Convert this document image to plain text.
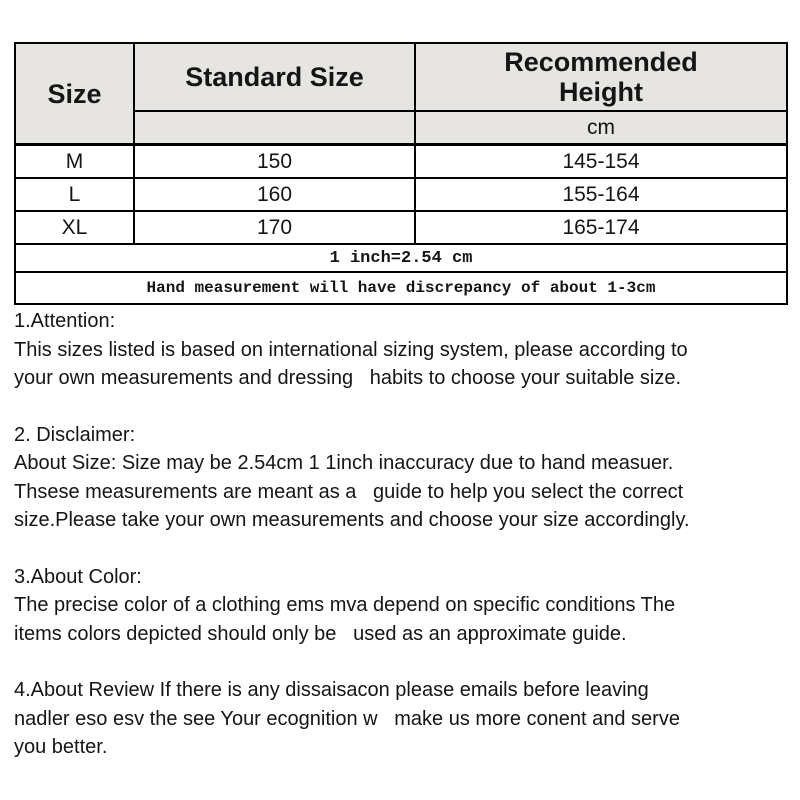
Size	Standard Size	Recommended
Height

		cm
M	150	145-154
L	160	155-164
XL	170	165-174
1 inch=2.54 cm		
Hand measurement will have discrepancy of about 1-3cm		
1.Attention:
This sizes listed is based on international sizing system, please according to
your own measurements and dressing   habits to choose your suitable size.
2. Disclaimer:
About Size: Size may be 2.54cm 1 1inch inaccuracy due to hand measuer.
Thsese measurements are meant as a   guide to help you select the correct
size.Please take your own measurements and choose your size accordingly.
3.About Color:
The precise color of a clothing ems mva depend on specific conditions The
items colors depicted should only be   used as an approximate guide.
4.About Review If there is any dissaisacon please emails before leaving
nadler eso esv the see Your ecognition w   make us more conent and serve
you better.
